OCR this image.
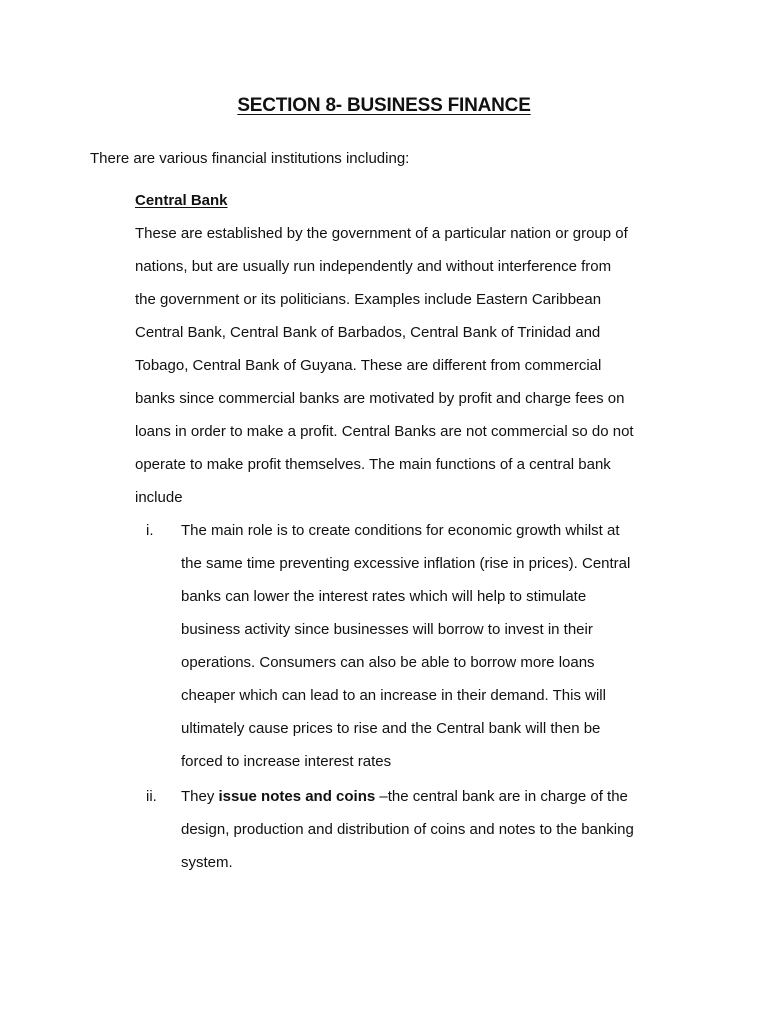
SECTION 8- BUSINESS FINANCE
There are various financial institutions including:
Central Bank
These are established by the government of a particular nation or group of
nations, but are usually run independently and without interference from
the government or its politicians. Examples include Eastern Caribbean
Central Bank, Central Bank of Barbados, Central Bank of Trinidad and
Tobago, Central Bank of Guyana. These are different from commercial
banks since commercial banks are motivated by profit and charge fees on
loans in order to make a profit. Central Banks are not commercial so do not
operate to make profit themselves. The main functions of a central bank
include
i.	The main role is to create conditions for economic growth whilst at
the same time preventing excessive inflation (rise in prices). Central
banks can lower the interest rates which will help to stimulate
business activity since businesses will borrow to invest in their
operations. Consumers can also be able to borrow more loans
cheaper which can lead to an increase in their demand. This will
ultimately cause prices to rise and the Central bank will then be
forced to increase interest rates
ii.	They issue notes and coins –the central bank are in charge of the
design, production and distribution of coins and notes to the banking
system.
